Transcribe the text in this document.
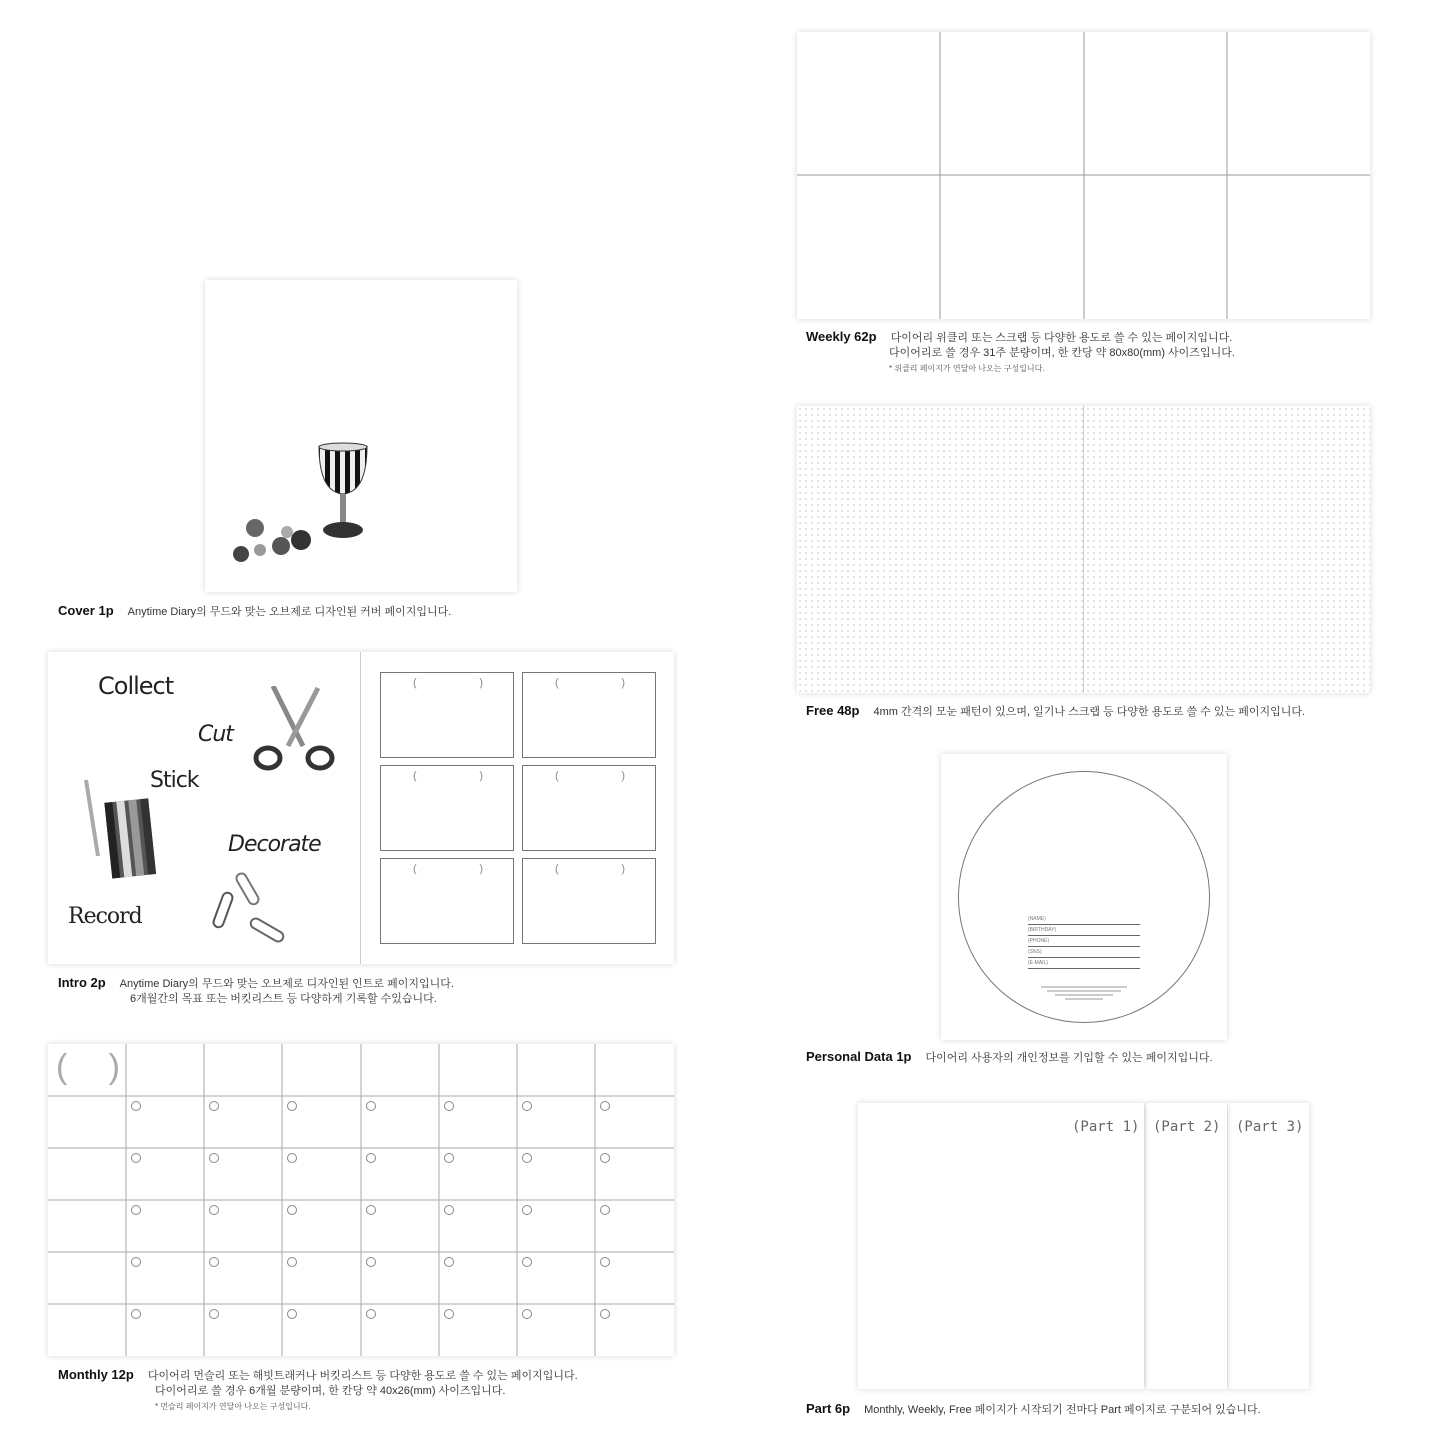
Cover 1p Anytime Diary의 무드와 맞는 오브제로 디자인된 커버 페이지입니다.
Collect
Cut
Stick
Decorate
Record
(	)	(	)
(	)	(	)
(	)	(	)
Intro 2p Anytime Diary의 무드와 맞는 오브제로 디자인된 인트로 페이지입니다.
6개월간의 목표 또는 버킷리스트 등 다양하게 기록할 수있습니다.
( )
Monthly 12p 다이어리 먼슬리 또는 해빗트래커나 버킷리스트 등 다양한 용도로 쓸 수 있는 페이지입니다.
다이어리로 쓸 경우 6개월 분량이며, 한 칸당 약 40x26(mm) 사이즈입니다.

* 먼슬리 페이지가 연달아 나오는 구성입니다.
Weekly 62p 다이어리 위클리 또는 스크랩 등 다양한 용도로 쓸 수 있는 페이지입니다.
다이어리로 쓸 경우 31주 분량이며, 한 칸당 약 80x80(mm) 사이즈입니다.

* 위클리 페이지가 연달아 나오는 구성입니다.
Free 48p 4mm 간격의 모눈 패턴이 있으며, 일기나 스크랩 등 다양한 용도로 쓸 수 있는 페이지입니다.
(NAME)
(BIRTHDAY)
(PHONE)
(SNS)
(E-MAIL)
Personal Data 1p 다이어리 사용자의 개인정보를 기입할 수 있는 페이지입니다.
(Part 3)
(Part 2)
(Part 1)
Part 6p Monthly, Weekly, Free 페이지가 시작되기 전마다 Part 페이지로 구분되어 있습니다.
